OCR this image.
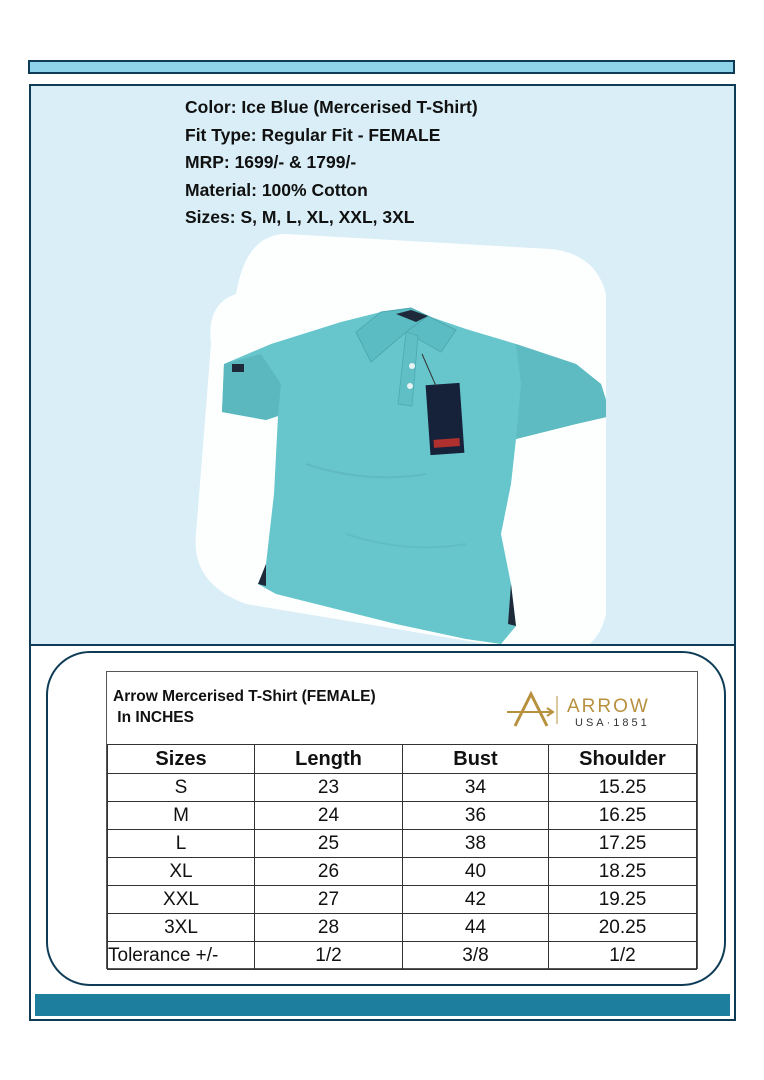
Color: Ice Blue (Mercerised T-Shirt)
Fit Type: Regular Fit - FEMALE
MRP: 1699/- & 1799/-
Material: 100% Cotton
Sizes: S, M, L, XL, XXL, 3XL
Arrow Mercerised T-Shirt (FEMALE)
In INCHES
ARROW
USA·1851
Sizes	Length	Bust	Shoulder
S	23	34	15.25
M	24	36	16.25
L	25	38	17.25
XL	26	40	18.25
XXL	27	42	19.25
3XL	28	44	20.25
Tolerance +/-	1/2	3/8	1/2
